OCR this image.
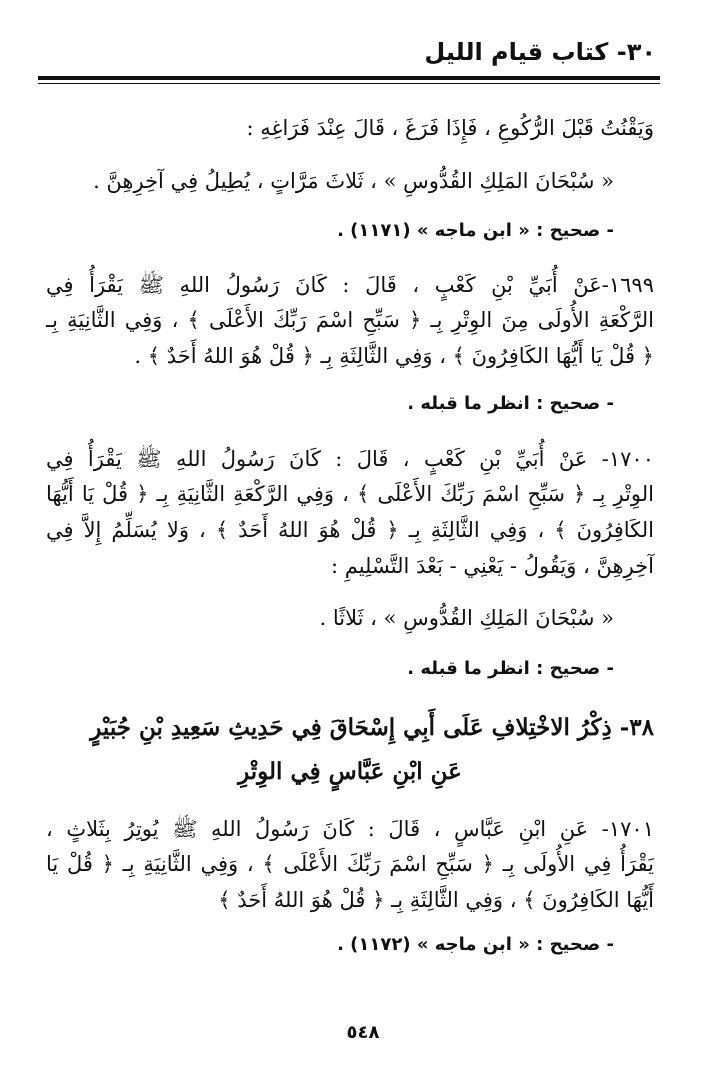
٣٠- كتاب قيام الليل
وَيَقْنُتُ قَبْلَ الرُّكُوعِ ، فَإِذَا فَرَغَ ، قَالَ عِنْدَ فَرَاغِهِ :
« سُبْحَانَ المَلِكِ القُدُّوسِ » ، ثَلاثَ مَرَّاتٍ ، يُطِيلُ فِي آخِرِهِنَّ .
- صحيح : « ابن ماجه » (١١٧١) .
١٦٩٩-عَنْ أُبَيِّ بْنِ كَعْبٍ ، قَالَ : كَانَ رَسُولُ اللهِ ﷺ يَقْرَأُ فِي
الرَّكْعَةِ الأُولَى مِنَ الوِتْرِ بِـ ﴿ سَبِّحِ اسْمَ رَبِّكَ الأَعْلَى ﴾ ، وَفِي الثَّانِيَةِ بِـ
﴿ قُلْ يَا أَيُّهَا الكَافِرُونَ ﴾ ، وَفِي الثَّالِثَةِ بِـ ﴿ قُلْ هُوَ اللهُ أَحَدٌ ﴾ .
- صحيح : انظر ما قبله .
١٧٠٠- عَنْ أُبَيِّ بْنِ كَعْبٍ ، قَالَ : كَانَ رَسُولُ اللهِ ﷺ يَقْرَأُ فِي
الوِتْرِ بِـ ﴿ سَبِّحِ اسْمَ رَبِّكَ الأَعْلَى ﴾ ، وَفِي الرَّكْعَةِ الثَّانِيَةِ بِـ ﴿ قُلْ يَا أَيُّهَا
الكَافِرُونَ ﴾ ، وَفِي الثَّالِثَةِ بِـ ﴿ قُلْ هُوَ اللهُ أَحَدٌ ﴾ ، وَلا يُسَلِّمُ إِلاَّ فِي
آخِرِهِنَّ ، وَيَقُولُ - يَعْنِي - بَعْدَ التَّسْلِيمِ :
« سُبْحَانَ المَلِكِ القُدُّوسِ » ، ثَلاثًا .
- صحيح : انظر ما قبله .
٣٨- ذِكْرُ الاخْتِلافِ عَلَى أَبِي إِسْحَاقَ فِي حَدِيثِ سَعِيدِ بْنِ جُبَيْرٍ
عَنِ ابْنِ عَبَّاسٍ فِي الوِتْرِ
١٧٠١- عَنِ ابْنِ عَبَّاسٍ ، قَالَ : كَانَ رَسُولُ اللهِ ﷺ يُوتِرُ بِثَلاثٍ ،
يَقْرَأُ فِي الأُولَى بِـ ﴿ سَبِّحِ اسْمَ رَبِّكَ الأَعْلَى ﴾ ، وَفِي الثَّانِيَةِ بِـ ﴿ قُلْ يَا
أَيُّهَا الكَافِرُونَ ﴾ ، وَفِي الثَّالِثَةِ بِـ ﴿ قُلْ هُوَ اللهُ أَحَدٌ ﴾
- صحيح : « ابن ماجه » (١١٧٢) .
٥٤٨
